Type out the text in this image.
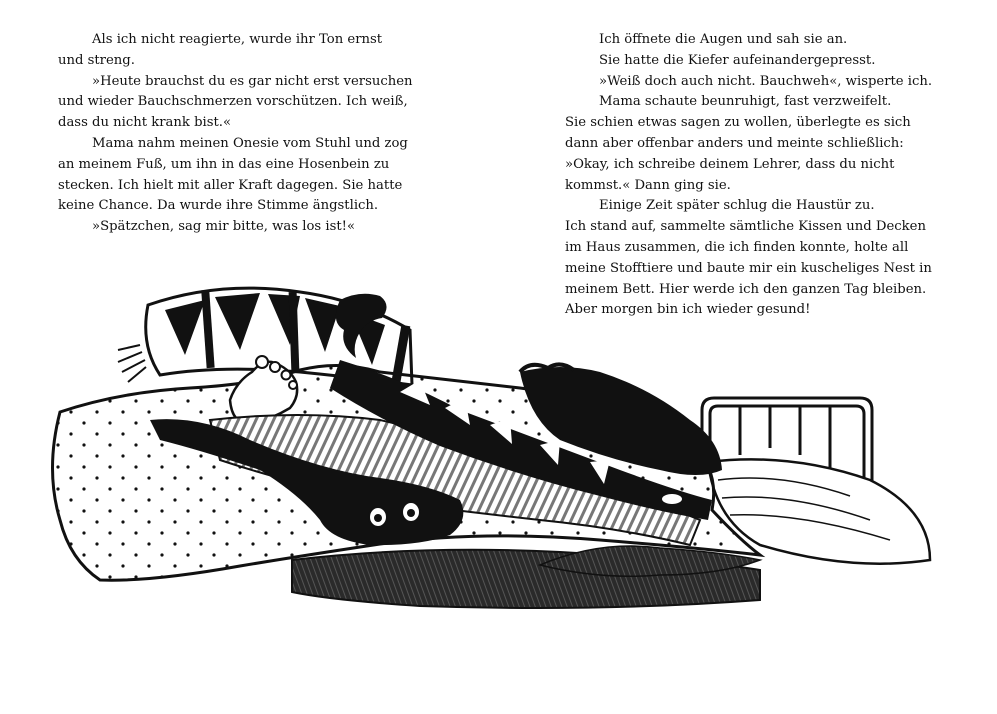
Als ich nicht reagierte, wurde ihr Ton ernst
und streng.
»Heute brauchst du es gar nicht erst versuchen
und wieder Bauchschmerzen vorschützen. Ich weiß,
dass du nicht krank bist.«
Mama nahm meinen Onesie vom Stuhl und zog
an meinem Fuß, um ihn in das eine Hosenbein zu
stecken. Ich hielt mit aller Kraft dagegen. Sie hatte
keine Chance. Da wurde ihre Stimme ängstlich.
»Spätzchen, sag mir bitte, was los ist!«
Ich öffnete die Augen und sah sie an.
Sie hatte die Kiefer aufeinandergepresst.
»Weiß doch auch nicht. Bauchweh«, wisperte ich.
Mama schaute beunruhigt, fast verzweifelt.
Sie schien etwas sagen zu wollen, überlegte es sich
dann aber offenbar anders und meinte schließlich:
»Okay, ich schreibe deinem Lehrer, dass du nicht
kommst.« Dann ging sie.
Einige Zeit später schlug die Haustür zu.
Ich stand auf, sammelte sämtliche Kissen und Decken
im Haus zusammen, die ich finden konnte, holte all
meine Stofftiere und baute mir ein kuscheliges Nest in
meinem Bett. Hier werde ich den ganzen Tag bleiben.
Aber morgen bin ich wieder gesund!
